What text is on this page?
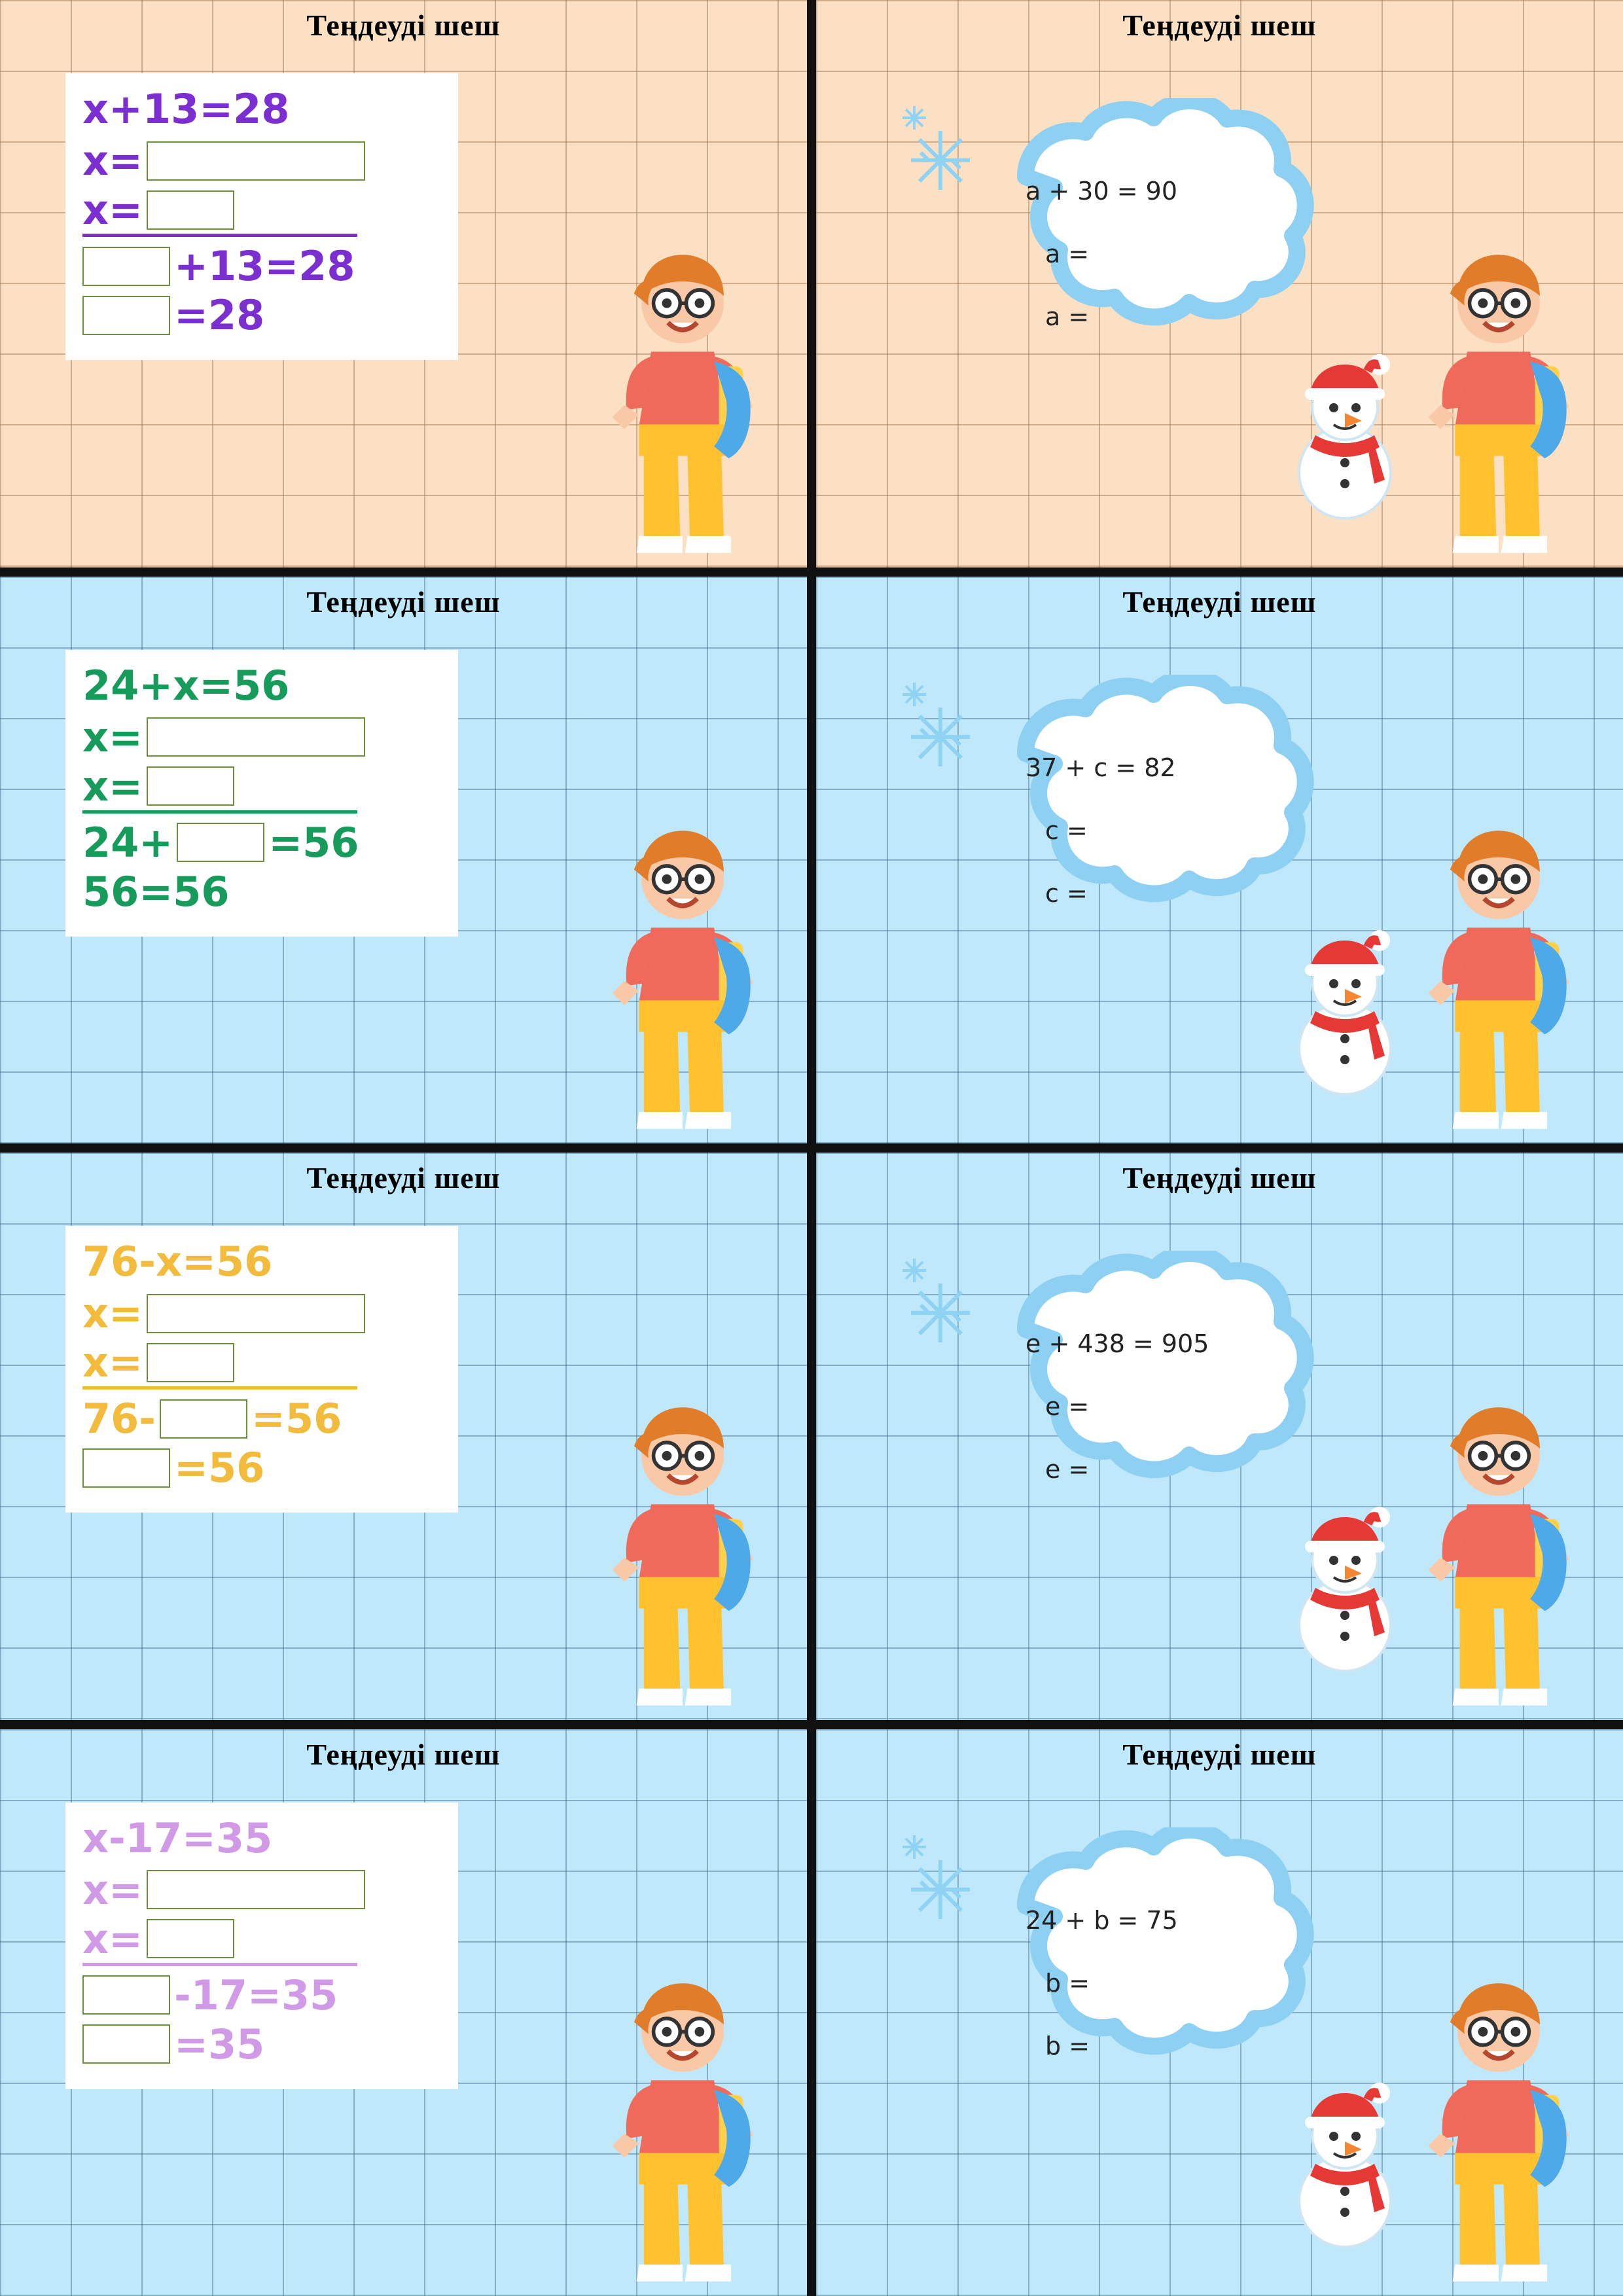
Теңдеуді шеш
x+13=28
x=
x=
+13=28
=28
Теңдеуді шеш
a + 30 = 90
a =
a =
Теңдеуді шеш
24+x=56
x=
x=
24+ =56
56=56
Теңдеуді шеш
37 + c = 82
c =
c =
Теңдеуді шеш
76-x=56
x=
x=
76- =56
=56
Теңдеуді шеш
e + 438 = 905
e =
e =
Теңдеуді шеш
x-17=35
x=
x=
-17=35
=35
Теңдеуді шеш
24 + b = 75
b =
b =
